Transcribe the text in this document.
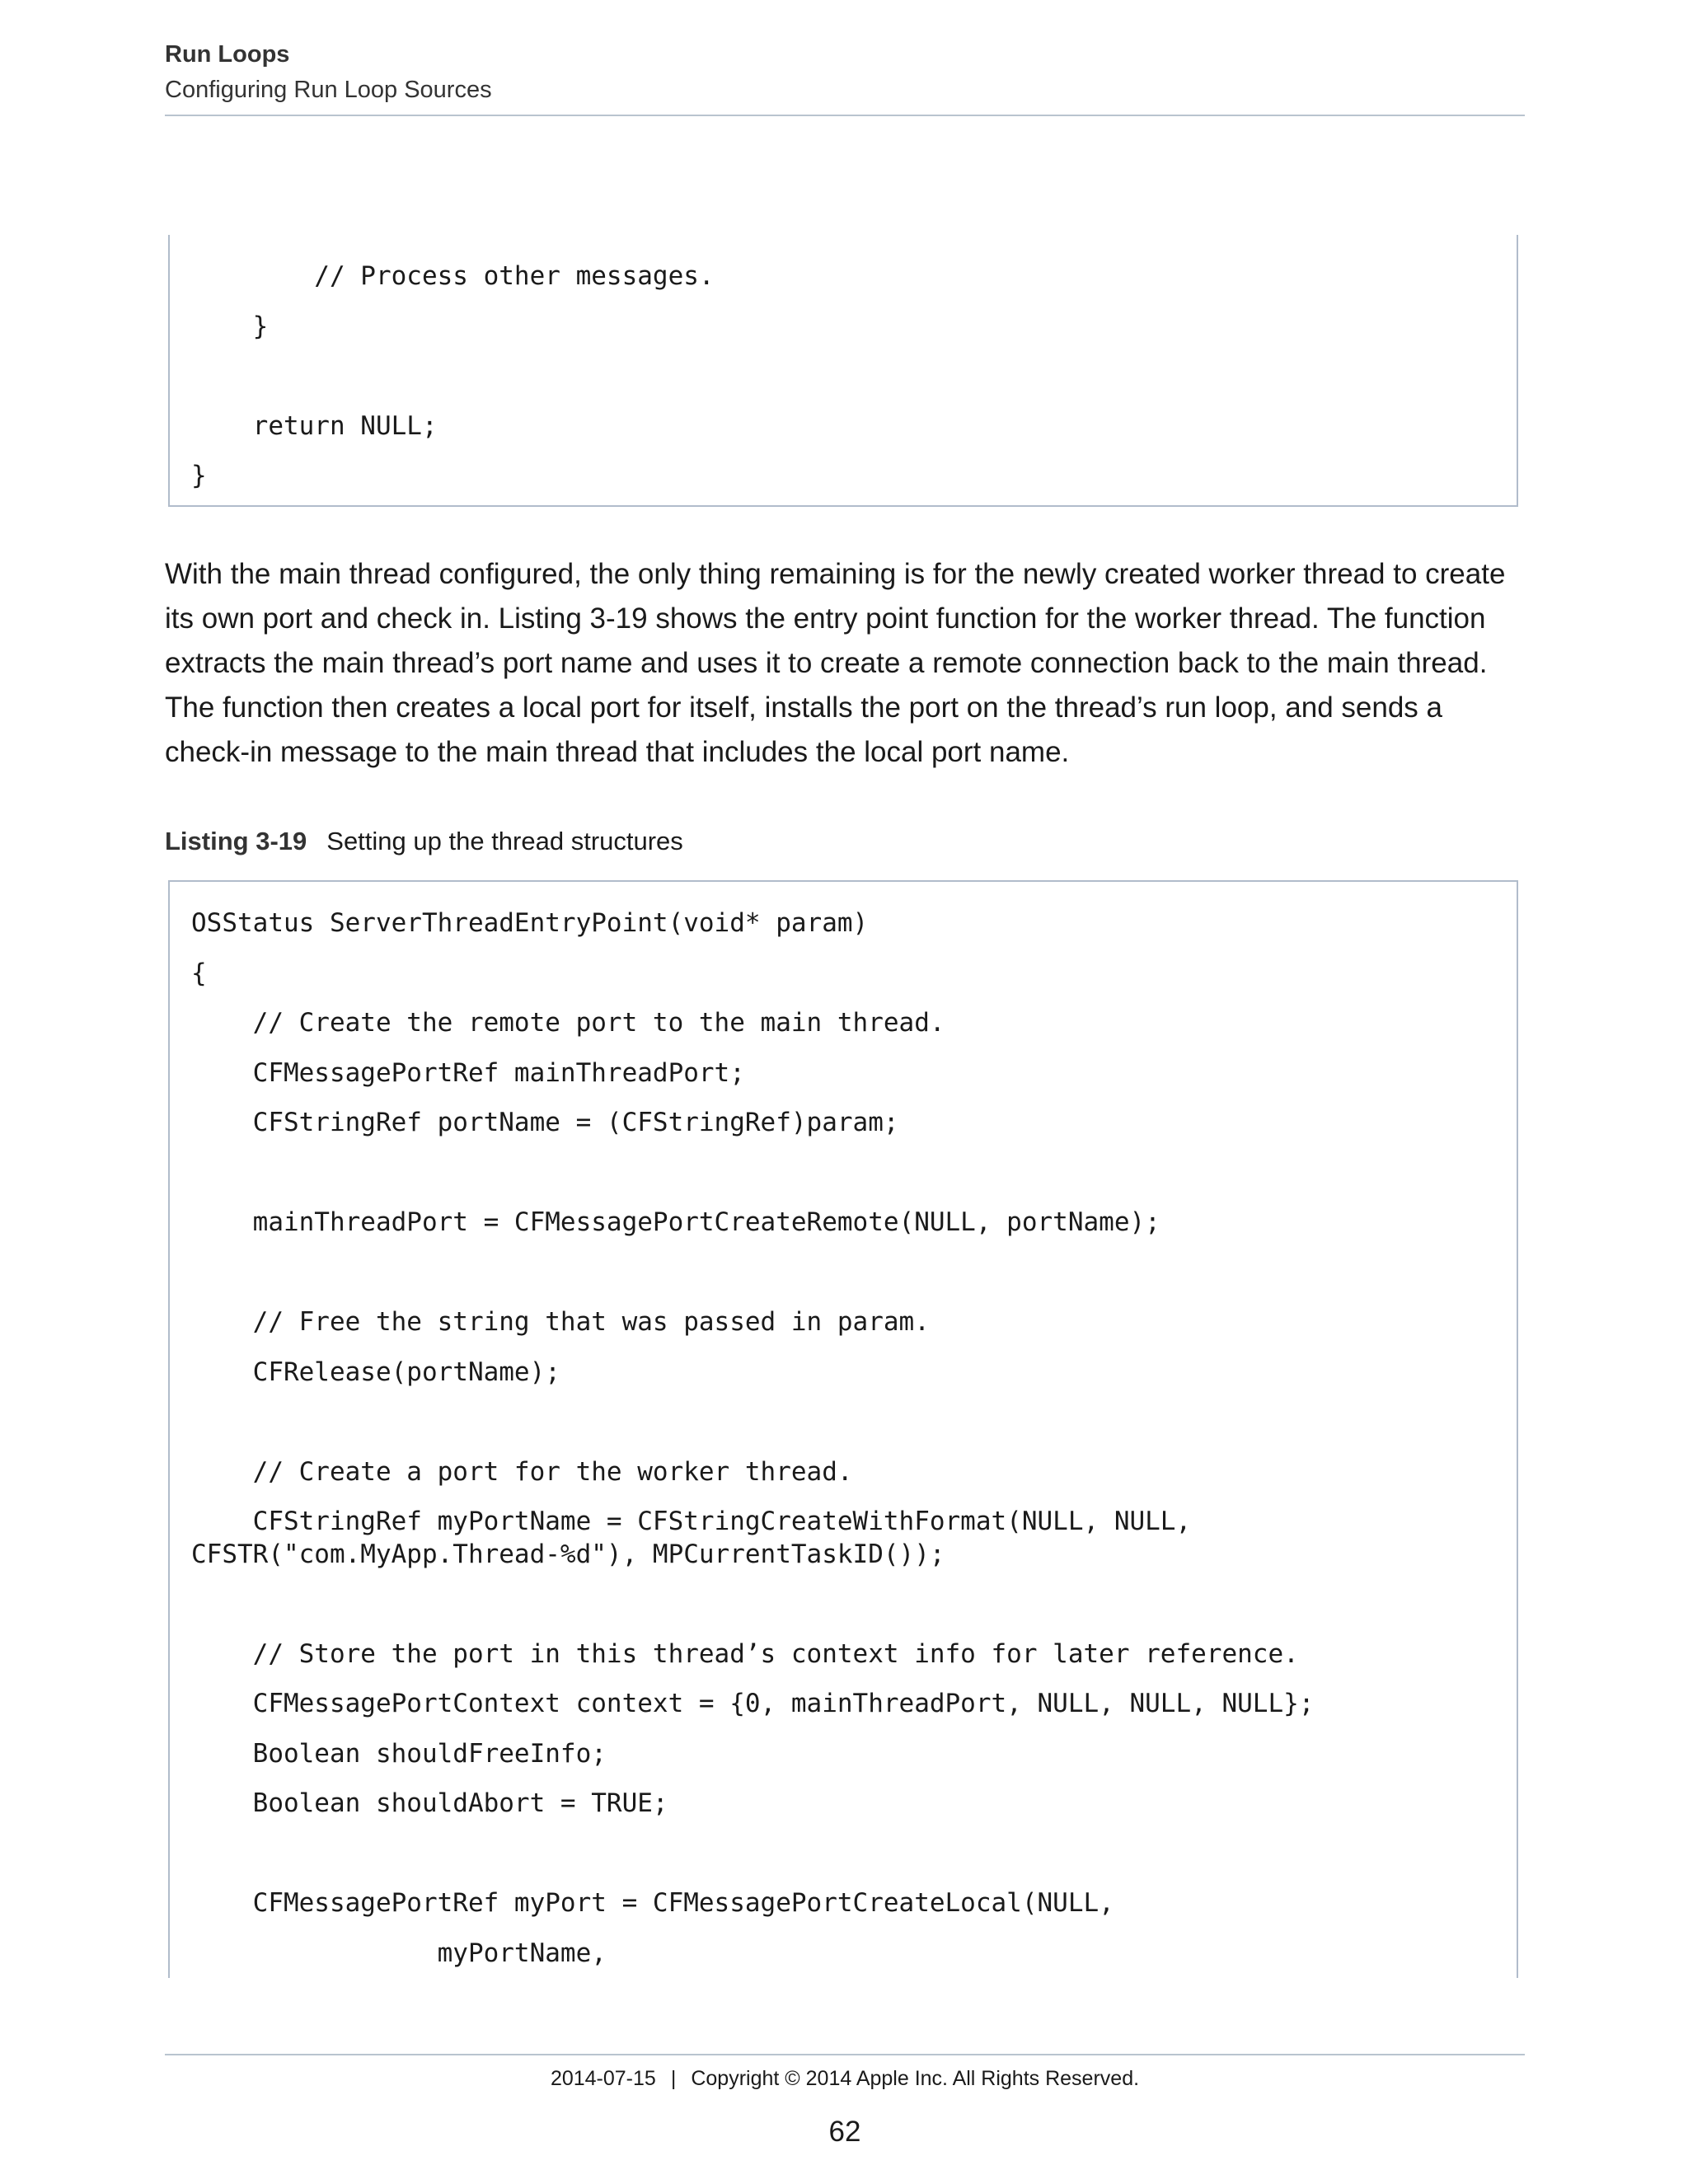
Run Loops
Configuring Run Loop Sources
// Process other messages.
}
return NULL;
}
With the main thread configured, the only thing remaining is for the newly created worker thread to create its own port and check in. Listing 3-19 shows the entry point function for the worker thread. The function extracts the main thread’s port name and uses it to create a remote connection back to the main thread. The function then creates a local port for itself, installs the port on the thread’s run loop, and sends a check-in message to the main thread that includes the local port name.
Listing 3-19 Setting up the thread structures
OSStatus ServerThreadEntryPoint(void* param)
{
// Create the remote port to the main thread.
CFMessagePortRef mainThreadPort;
CFStringRef portName = (CFStringRef)param;
mainThreadPort = CFMessagePortCreateRemote(NULL, portName);
// Free the string that was passed in param.
CFRelease(portName);
// Create a port for the worker thread.
CFStringRef myPortName = CFStringCreateWithFormat(NULL, NULL,
CFSTR("com.MyApp.Thread-%d"), MPCurrentTaskID());
// Store the port in this thread’s context info for later reference.
CFMessagePortContext context = {0, mainThreadPort, NULL, NULL, NULL};
Boolean shouldFreeInfo;
Boolean shouldAbort = TRUE;
CFMessagePortRef myPort = CFMessagePortCreateLocal(NULL,
myPortName,
2014-07-15 | Copyright © 2014 Apple Inc. All Rights Reserved.
62
